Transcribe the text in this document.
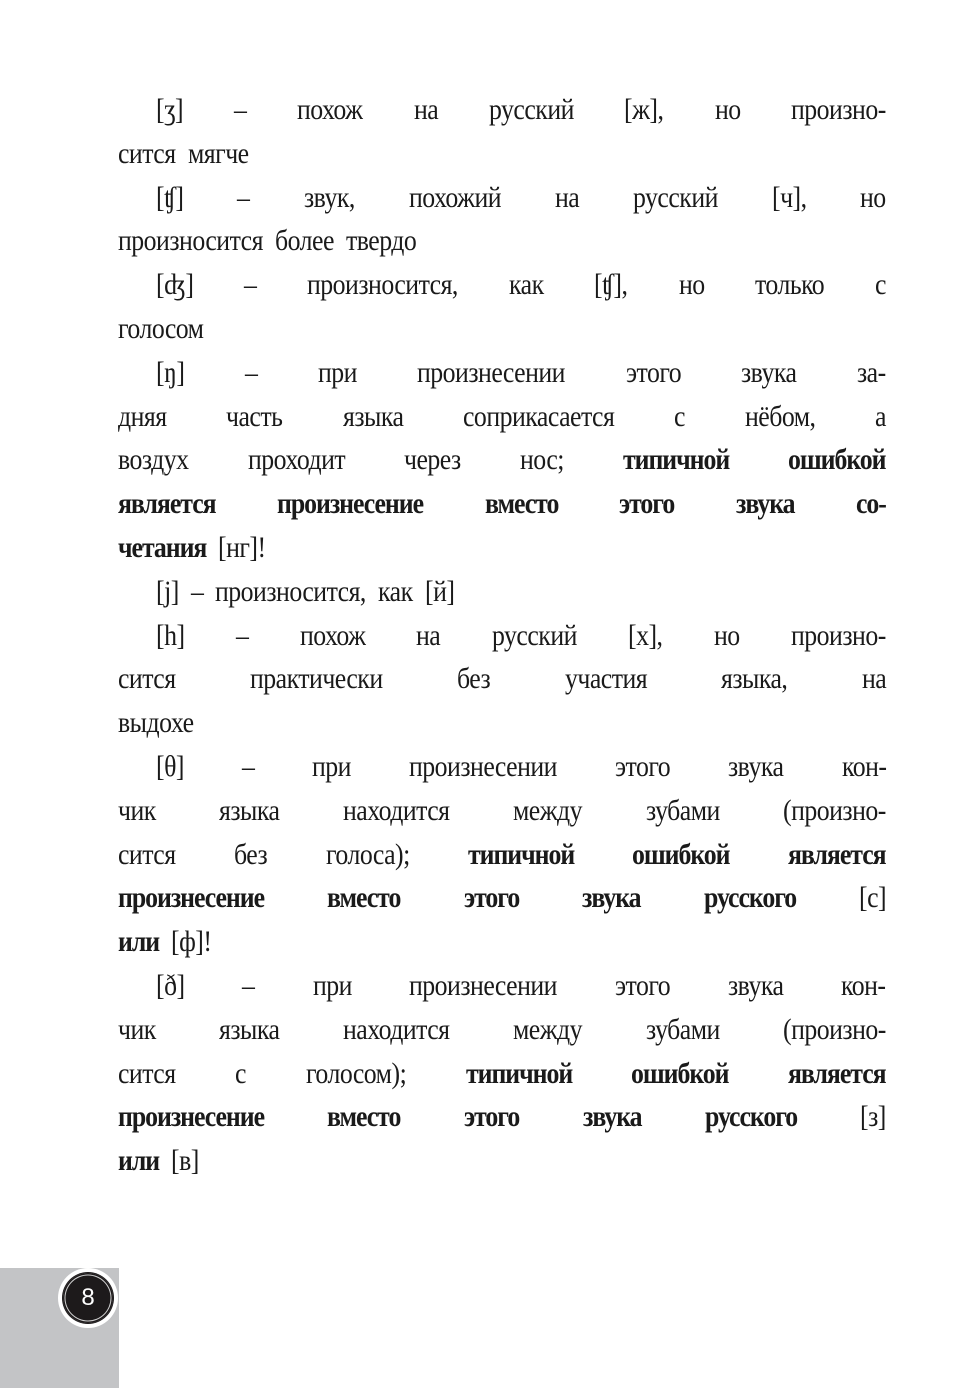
[ʒ] – похож на русский [ж], но произно-
сится мягче
[ʧ] – звук, похожий на русский [ч], но
произносится более твердо
[ʤ] – произносится, как [ʧ], но только с
голосом
[ŋ] – при произнесении этого звука за-
дняя часть языка соприкасается с нёбом, а
воздух проходит через нос; типичной ошибкой
является произнесение вместо этого звука со-
четания [нг]!
[j] – произносится, как [й]
[h] – похож на русский [х], но произно-
сится практически без участия языка, на
выдохе
[θ] – при произнесении этого звука кон-
чик языка находится между зубами (произно-
сится без голоса); типичной ошибкой является
произнесение вместо этого звука русского [с]
или [ф]!
[ð] – при произнесении этого звука кон-
чик языка находится между зубами (произно-
сится с голосом); типичной ошибкой является
произнесение вместо этого звука русского [з]
или [в]
8
